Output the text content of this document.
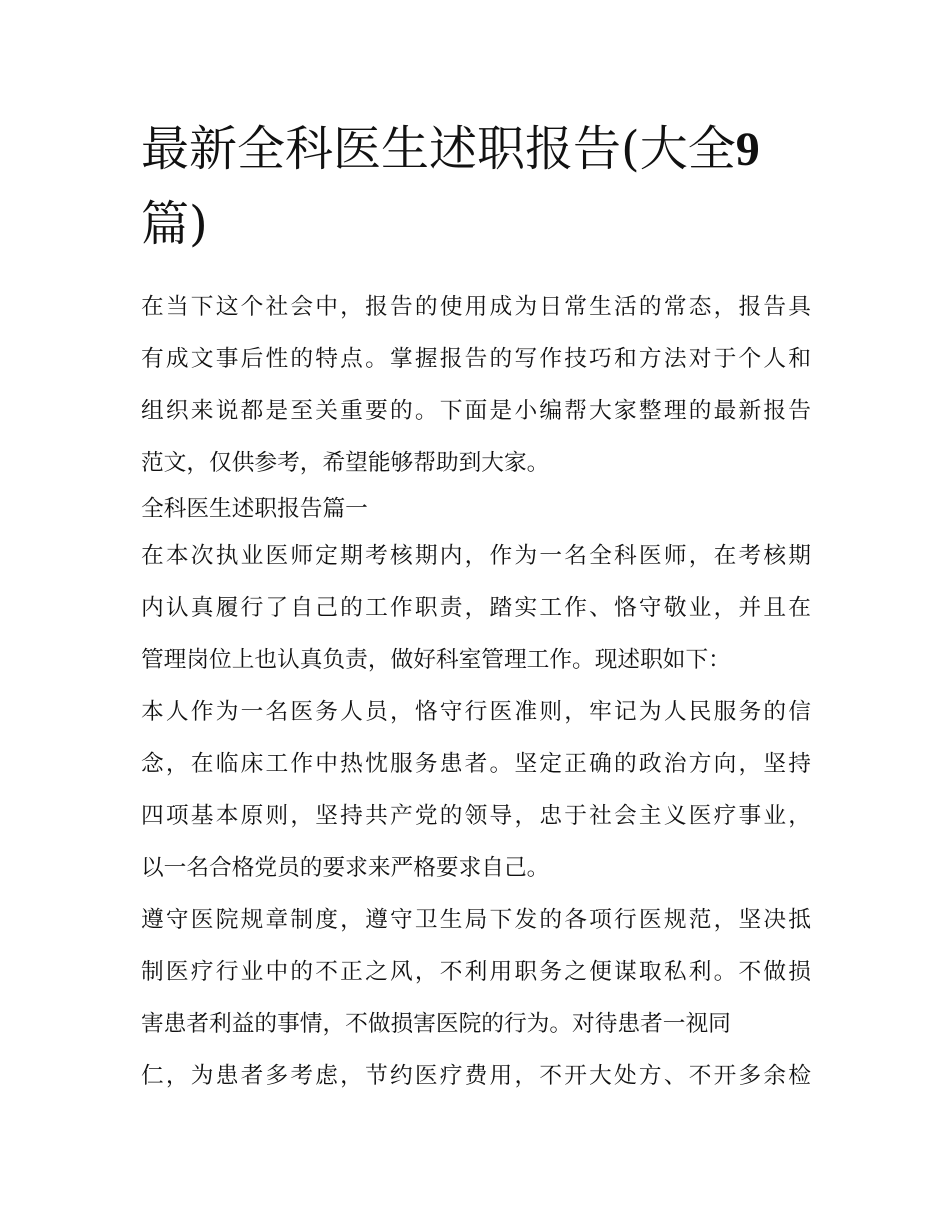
最新全科医生述职报告(大全9
篇)
在当下这个社会中，报告的使用成为日常生活的常态，报告具
有成文事后性的特点。掌握报告的写作技巧和方法对于个人和
组织来说都是至关重要的。下面是小编帮大家整理的最新报告
范文，仅供参考，希望能够帮助到大家。
全科医生述职报告篇一
在本次执业医师定期考核期内，作为一名全科医师，在考核期
内认真履行了自己的工作职责，踏实工作、恪守敬业，并且在
管理岗位上也认真负责，做好科室管理工作。现述职如下：
本人作为一名医务人员，恪守行医准则，牢记为人民服务的信
念，在临床工作中热忱服务患者。坚定正确的政治方向，坚持
四项基本原则，坚持共产党的领导，忠于社会主义医疗事业，
以一名合格党员的要求来严格要求自己。
遵守医院规章制度，遵守卫生局下发的各项行医规范，坚决抵
制医疗行业中的不正之风，不利用职务之便谋取私利。不做损
害患者利益的事情，不做损害医院的行为。对待患者一视同
仁，为患者多考虑，节约医疗费用，不开大处方、不开多余检
